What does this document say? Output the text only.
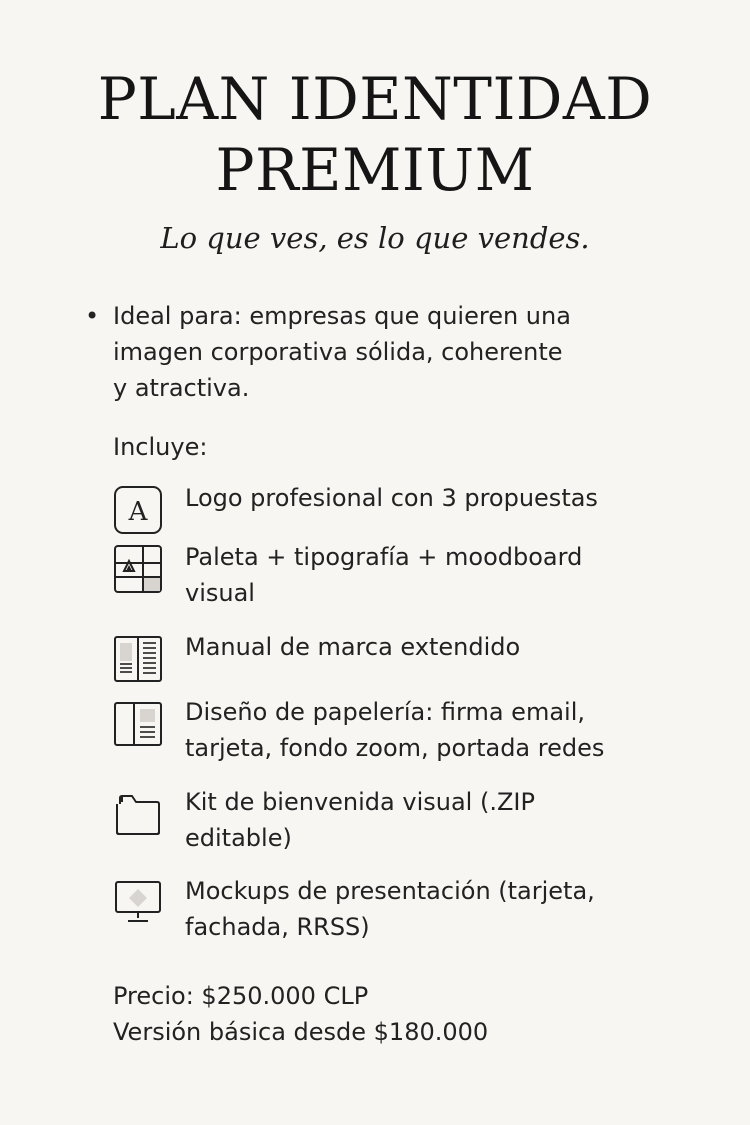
PLAN IDENTIDAD
PREMIUM

Lo que ves, es lo que vendes.

• Ideal para: empresas que quieren una
imagen corporativa sólida, coherente
y atractiva.
Incluye:
A Logo profesional con 3 propuestas
Paleta + tipografía + moodboard
visual
Manual de marca extendido
Diseño de papelería: firma email,
tarjeta, fondo zoom, portada redes
Kit de bienvenida visual (.ZIP
editable)
Mockups de presentación (tarjeta,
fachada, RRSS)
Precio: $250.000 CLP
Versión básica desde $180.000
